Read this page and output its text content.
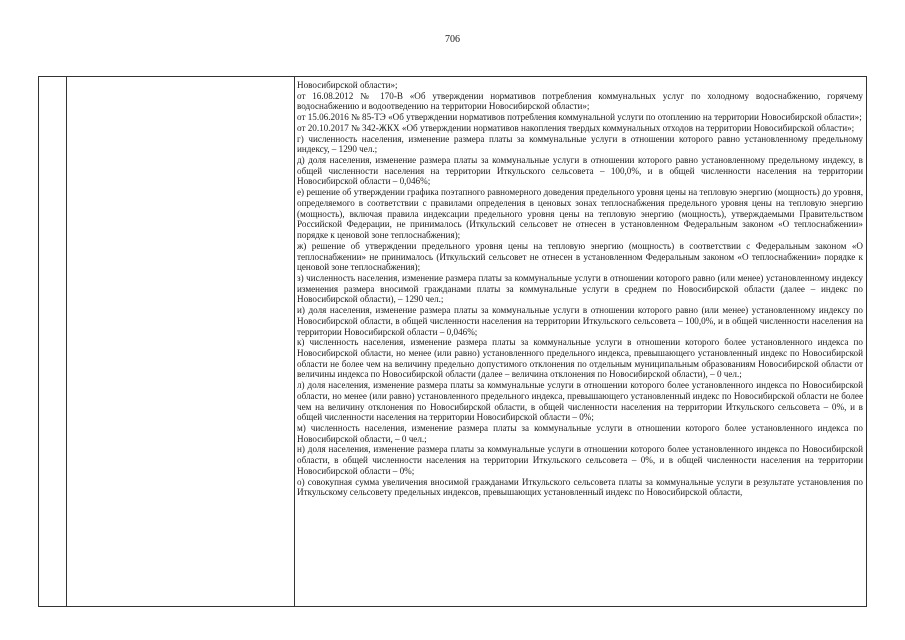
706

Новосибирской области»;

от 16.08.2012 № 170-В «Об утверждении нормативов потребления коммунальных услуг по холодному водоснабжению, горячему водоснабжению и водоотведению на территории Новосибирской области»;

от 15.06.2016 № 85-ТЭ «Об утверждении нормативов потребления коммунальной услуги по отоплению на территории Новосибирской области»;

от 20.10.2017 № 342-ЖКХ «Об утверждении нормативов накопления твердых коммунальных отходов на территории Новосибирской области»;

г) численность населения, изменение размера платы за коммунальные услуги в отношении которого равно установленному предельному индексу, – 1290 чел.;

д) доля населения, изменение размера платы за коммунальные услуги в отношении которого равно установленному предельному индексу, в общей численности населения на территории Иткульского сельсовета – 100,0%, и в общей численности населения на территории Новосибирской области – 0,046%;

е) решение об утверждении графика поэтапного равномерного доведения предельного уровня цены на тепловую энергию (мощность) до уровня, определяемого в соответствии с правилами определения в ценовых зонах теплоснабжения предельного уровня цены на тепловую энергию (мощность), включая правила индексации предельного уровня цены на тепловую энергию (мощность), утверждаемыми Правительством Российской Федерации, не принималось (Иткульский сельсовет не отнесен в установленном Федеральным законом «О теплоснабжении» порядке к ценовой зоне теплоснабжения);

ж) решение об утверждении предельного уровня цены на тепловую энергию (мощность) в соответствии с Федеральным законом «О теплоснабжении» не принималось (Иткульский сельсовет не отнесен в установленном Федеральным законом «О теплоснабжении» порядке к ценовой зоне теплоснабжения);

з) численность населения, изменение размера платы за коммунальные услуги в отношении которого равно (или менее) установленному индексу изменения размера вносимой гражданами платы за коммунальные услуги в среднем по Новосибирской области (далее – индекс по Новосибирской области), – 1290 чел.;

и) доля населения, изменение размера платы за коммунальные услуги в отношении которого равно (или менее) установленному индексу по Новосибирской области, в общей численности населения на территории Иткульского сельсовета – 100,0%, и в общей численности населения на территории Новосибирской области – 0,046%;

к) численность населения, изменение размера платы за коммунальные услуги в отношении которого более установленного индекса по Новосибирской области, но менее (или равно) установленного предельного индекса, превышающего установленный индекс по Новосибирской области не более чем на величину предельно допустимого отклонения по отдельным муниципальным образованиям Новосибирской области от величины индекса по Новосибирской области (далее – величина отклонения по Новосибирской области), – 0 чел.;

л) доля населения, изменение размера платы за коммунальные услуги в отношении которого более установленного индекса по Новосибирской области, но менее (или равно) установленного предельного индекса, превышающего установленный индекс по Новосибирской области не более чем на величину отклонения по Новосибирской области, в общей численности населения на территории Иткульского сельсовета – 0%, и в общей численности населения на территории Новосибирской области – 0%;

м) численность населения, изменение размера платы за коммунальные услуги в отношении которого более установленного индекса по Новосибирской области, – 0 чел.;

н) доля населения, изменение размера платы за коммунальные услуги в отношении которого более установленного индекса по Новосибирской области, в общей численности населения на территории Иткульского сельсовета – 0%, и в общей численности населения на территории Новосибирской области – 0%;

о) совокупная сумма увеличения вносимой гражданами Иткульского сельсовета платы за коммунальные услуги в результате установления по Иткульскому сельсовету предельных индексов, превышающих установленный индекс по Новосибирской области,
